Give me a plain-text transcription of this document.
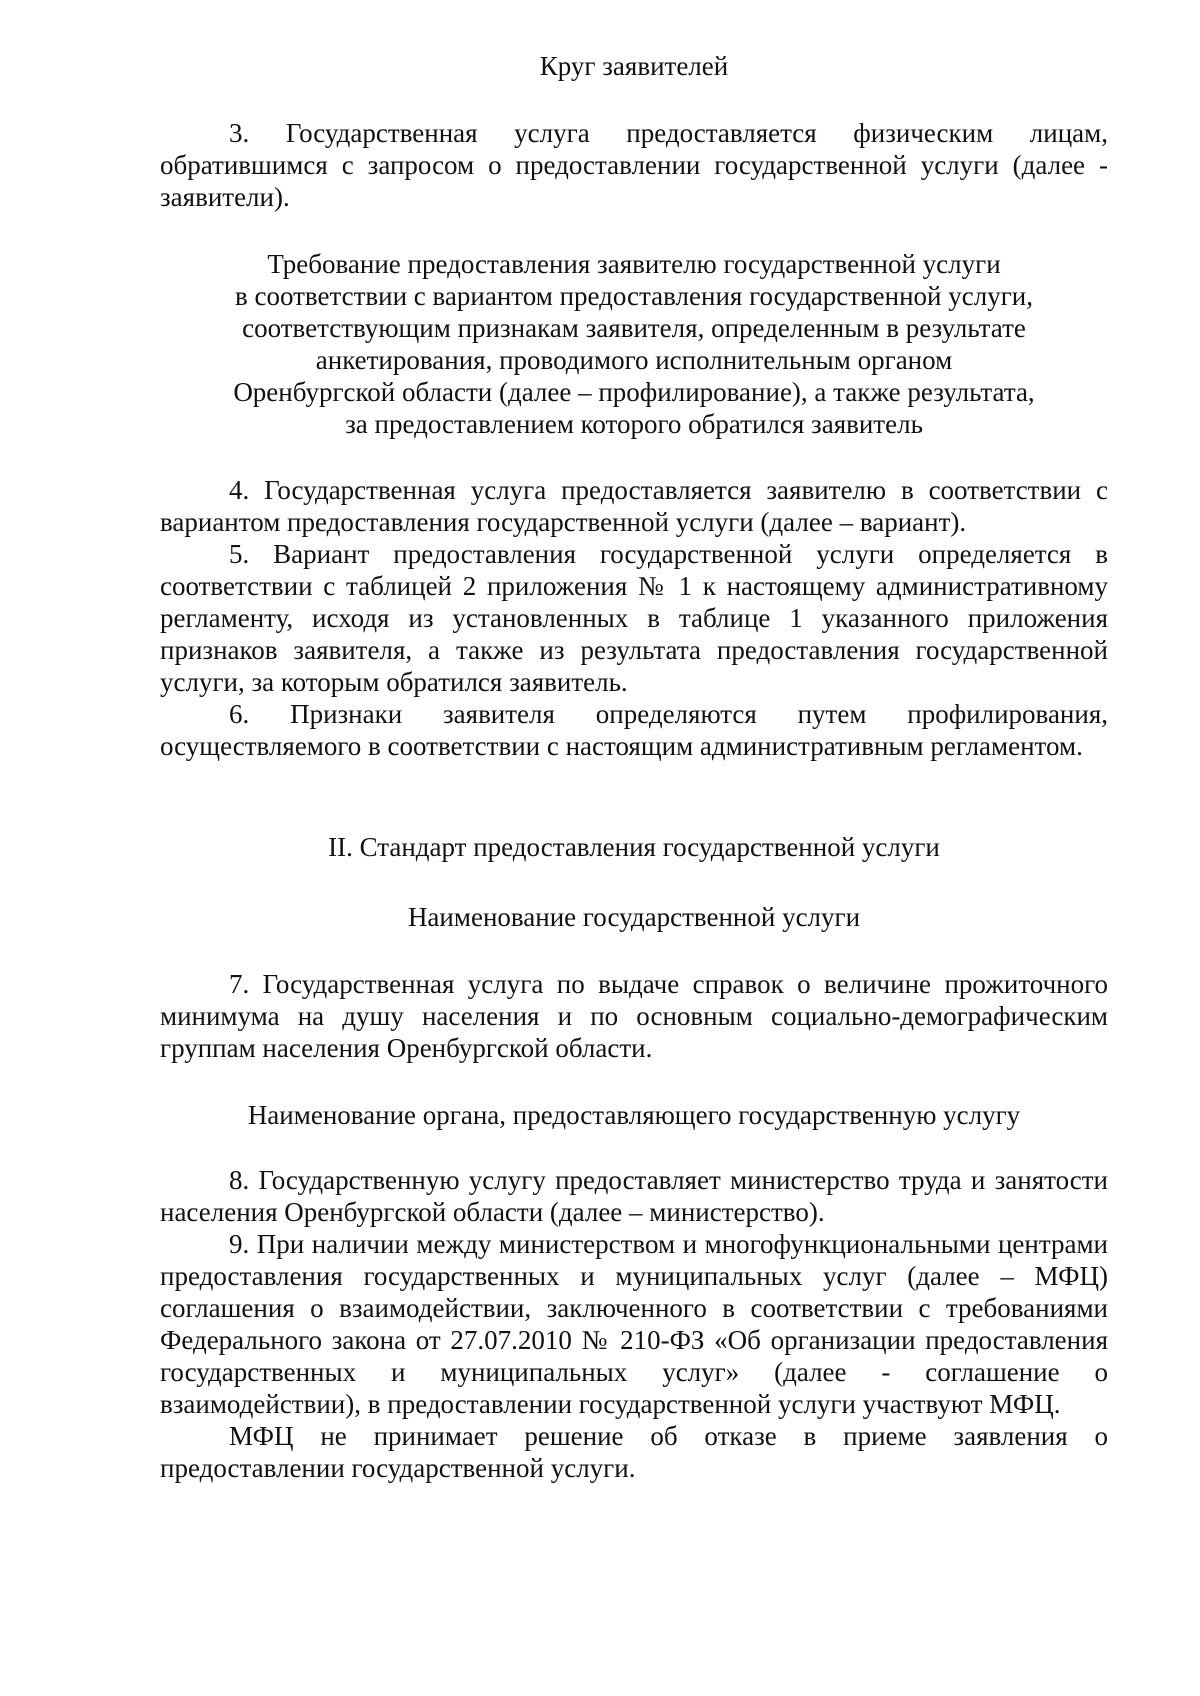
Круг заявителей

3. Государственная услуга предоставляется физическим лицам, обратившимся с запросом о предоставлении государственной услуги (далее - заявители).

Требование предоставления заявителю государственной услуги

в соответствии с вариантом предоставления государственной услуги,

соответствующим признакам заявителя, определенным в результате

анкетирования, проводимого исполнительным органом

Оренбургской области (далее – профилирование), а также результата,

за предоставлением которого обратился заявитель

4. Государственная услуга предоставляется заявителю в соответствии с вариантом предоставления государственной услуги (далее – вариант).

5. Вариант предоставления государственной услуги определяется в соответствии с таблицей 2 приложения № 1 к настоящему административному регламенту, исходя из установленных в таблице 1 указанного приложения признаков заявителя, а также из результата предоставления государственной услуги, за которым обратился заявитель.

6. Признаки заявителя определяются путем профилирования, осуществляемого в соответствии с настоящим административным регламентом.

II. Стандарт предоставления государственной услуги

Наименование государственной услуги

7. Государственная услуга по выдаче справок о величине прожиточного минимума на душу населения и по основным социально-демографическим группам населения Оренбургской области.

Наименование органа, предоставляющего государственную услугу

8. Государственную услугу предоставляет министерство труда и занятости населения Оренбургской области (далее – министерство).

9. При наличии между министерством и многофункциональными центрами предоставления государственных и муниципальных услуг (далее – МФЦ) соглашения о взаимодействии, заключенного в соответствии с требованиями Федерального закона от 27.07.2010 № 210-ФЗ «Об организации предоставления государственных и муниципальных услуг» (далее - соглашение о взаимодействии), в предоставлении государственной услуги участвуют МФЦ.

МФЦ не принимает решение об отказе в приеме заявления о предоставлении государственной услуги.
